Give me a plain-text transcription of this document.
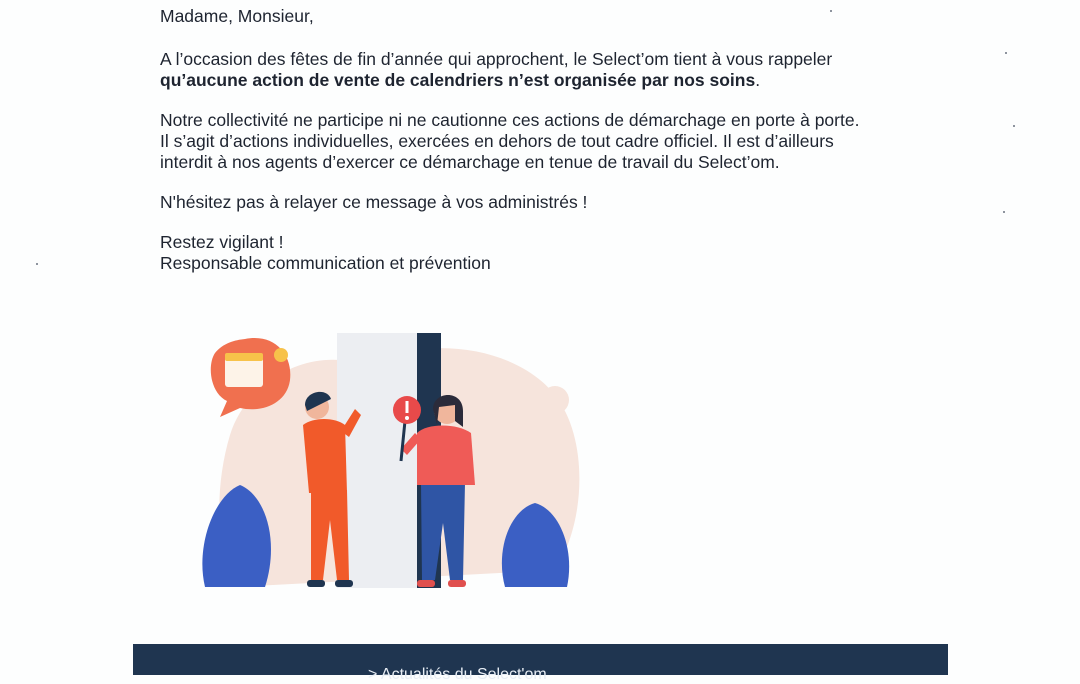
Madame, Monsieur,

A l’occasion des fêtes de fin d’année qui approchent, le Select’om tient à vous rappeler
qu’aucune action de vente de calendriers n’est organisée par nos soins.

Notre collectivité ne participe ni ne cautionne ces actions de démarchage en porte à porte.
Il s’agit d’actions individuelles, exercées en dehors de tout cadre officiel. Il est d’ailleurs
interdit à nos agents d’exercer ce démarchage en tenue de travail du Select’om.

N'hésitez pas à relayer ce message à vos administrés !

Restez vigilant !
Responsable communication et prévention

> Actualités du Select'om
